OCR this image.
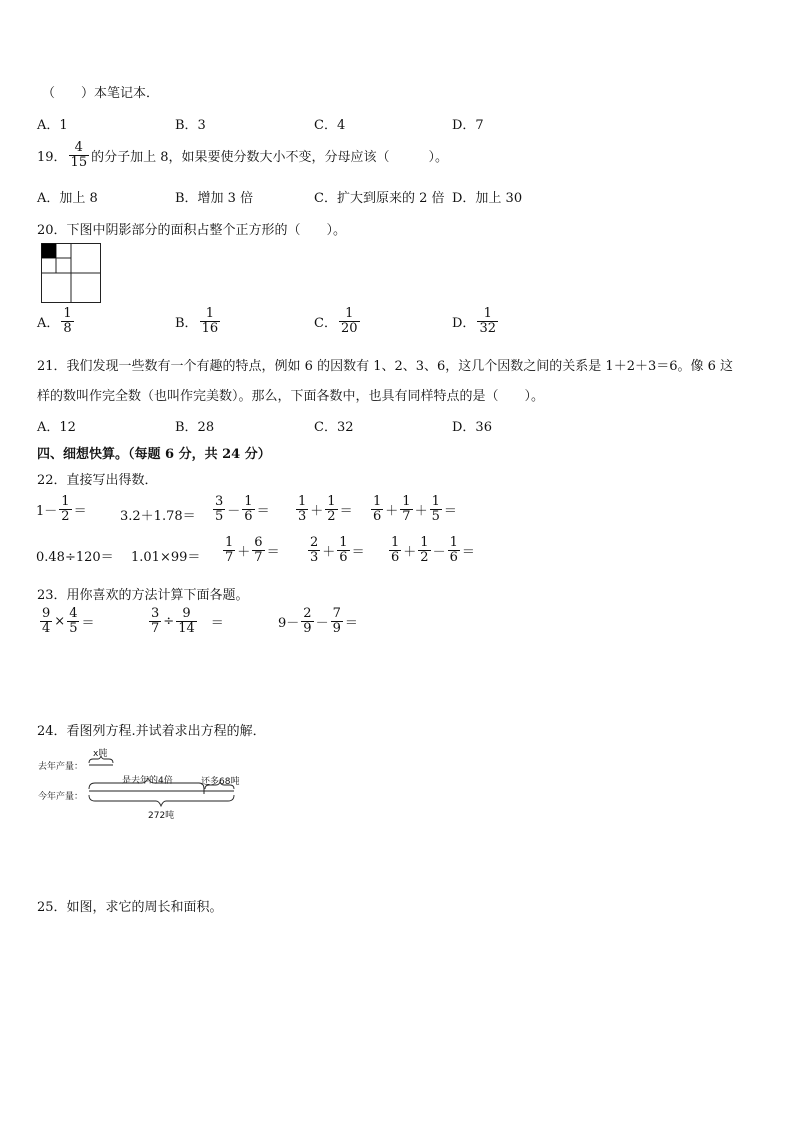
（　　）本笔记本．
A．1	B．3	C．4	D．7
19． $\frac{4}{15}$ 的分子加上 8，如果要使分数大小不变，分母应该（　　　）。
A．加上 8	B．增加 3 倍	C．扩大到原来的 2 倍 D．加上 30
20．下图中阴影部分的面积占整个正方形的（　　）。
A． $\frac{1}{8}$	B． $\frac{1}{16}$	C． $\frac{1}{20}$	D． $\frac{1}{32}$
21．我们发现一些数有一个有趣的特点，例如 6 的因数有 1、2、3、6，这几个因数之间的关系是 1＋2＋3＝6。像 6 这
样的数叫作完全数（也叫作完美数）。那么，下面各数中，也具有同样特点的是（　　）。
A．12	B．28	C．32	D．36
四、细想快算。（每题 6 分，共 24 分）
22．直接写出得数．
$1- \frac{1}{2}$ ＝	$3.2+1.78= \frac{3}{5} - \frac{1}{6} = \frac{1}{3} + \frac{1}{2} = \frac{1}{6} + \frac{1}{7} + \frac{1}{5}$ ＝
$0.48\div 120= 1.01\times 99= \frac{1}{7} + \frac{6}{7} = \frac{2}{3} + \frac{1}{6} = \frac{1}{6} + \frac{1}{2} - \frac{1}{6}$ ＝
23．用你喜欢的方法计算下面各题。
$\frac{9}{4} \times \frac{4}{5}$ ＝	$\frac{3}{7} \div \frac{9}{14}$ ＝	$9- \frac{2}{9} - \frac{7}{9}$ ＝
24．看图列方程.并试着求出方程的解．
去年产量：
x吨
今年产量：
是去年的4倍	还多68吨
272吨
25．如图，求它的周长和面积。
